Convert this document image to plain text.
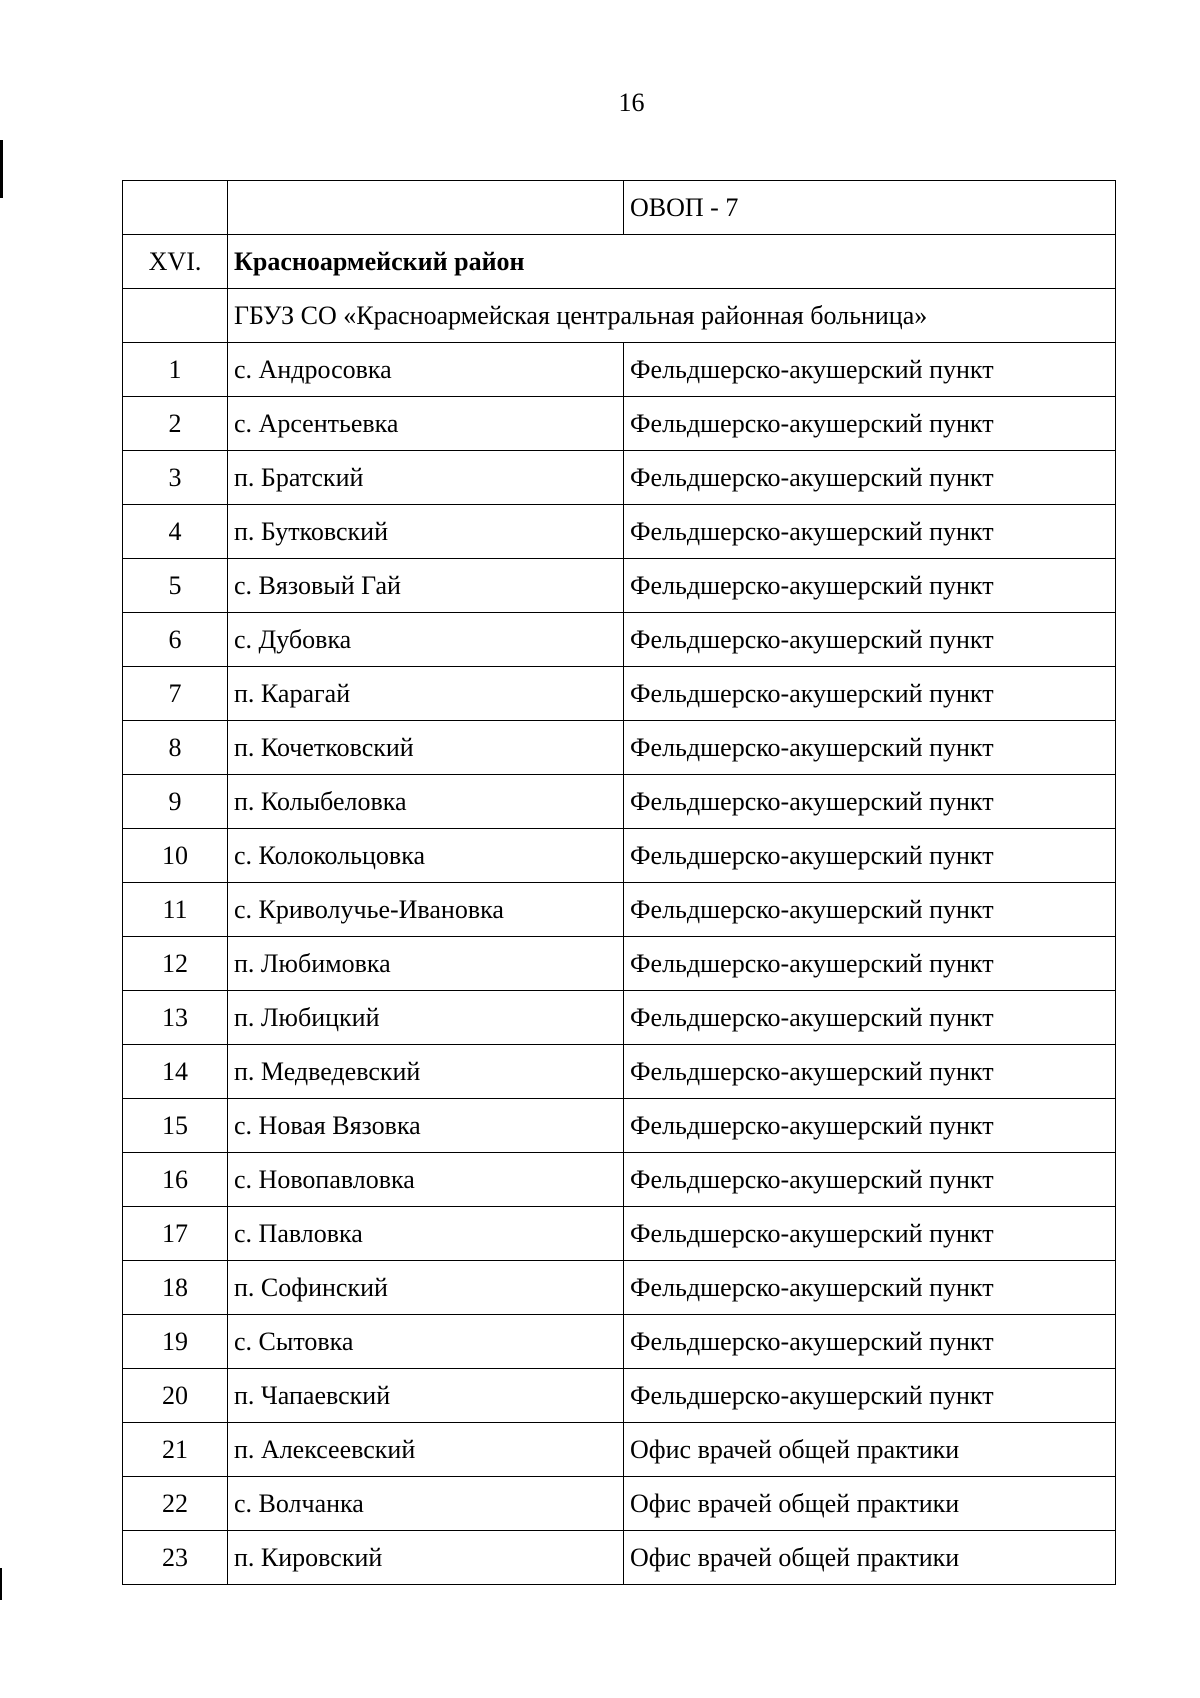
16
		ОВОП - 7
XVI.	Красноармейский район	
	ГБУЗ СО «Красноармейская центральная районная больница»	
1	с. Андросовка	Фельдшерско-акушерский пункт
2	с. Арсентьевка	Фельдшерско-акушерский пункт
3	п. Братский	Фельдшерско-акушерский пункт
4	п. Бутковский	Фельдшерско-акушерский пункт
5	с. Вязовый Гай	Фельдшерско-акушерский пункт
6	с. Дубовка	Фельдшерско-акушерский пункт
7	п. Карагай	Фельдшерско-акушерский пункт
8	п. Кочетковский	Фельдшерско-акушерский пункт
9	п. Колыбеловка	Фельдшерско-акушерский пункт
10	с. Колокольцовка	Фельдшерско-акушерский пункт
11	с. Криволучье-Ивановка	Фельдшерско-акушерский пункт
12	п. Любимовка	Фельдшерско-акушерский пункт
13	п. Любицкий	Фельдшерско-акушерский пункт
14	п. Медведевский	Фельдшерско-акушерский пункт
15	с. Новая Вязовка	Фельдшерско-акушерский пункт
16	с. Новопавловка	Фельдшерско-акушерский пункт
17	с. Павловка	Фельдшерско-акушерский пункт
18	п. Софинский	Фельдшерско-акушерский пункт
19	с. Сытовка	Фельдшерско-акушерский пункт
20	п. Чапаевский	Фельдшерско-акушерский пункт
21	п. Алексеевский	Офис врачей общей практики
22	с. Волчанка	Офис врачей общей практики
23	п. Кировский	Офис врачей общей практики
